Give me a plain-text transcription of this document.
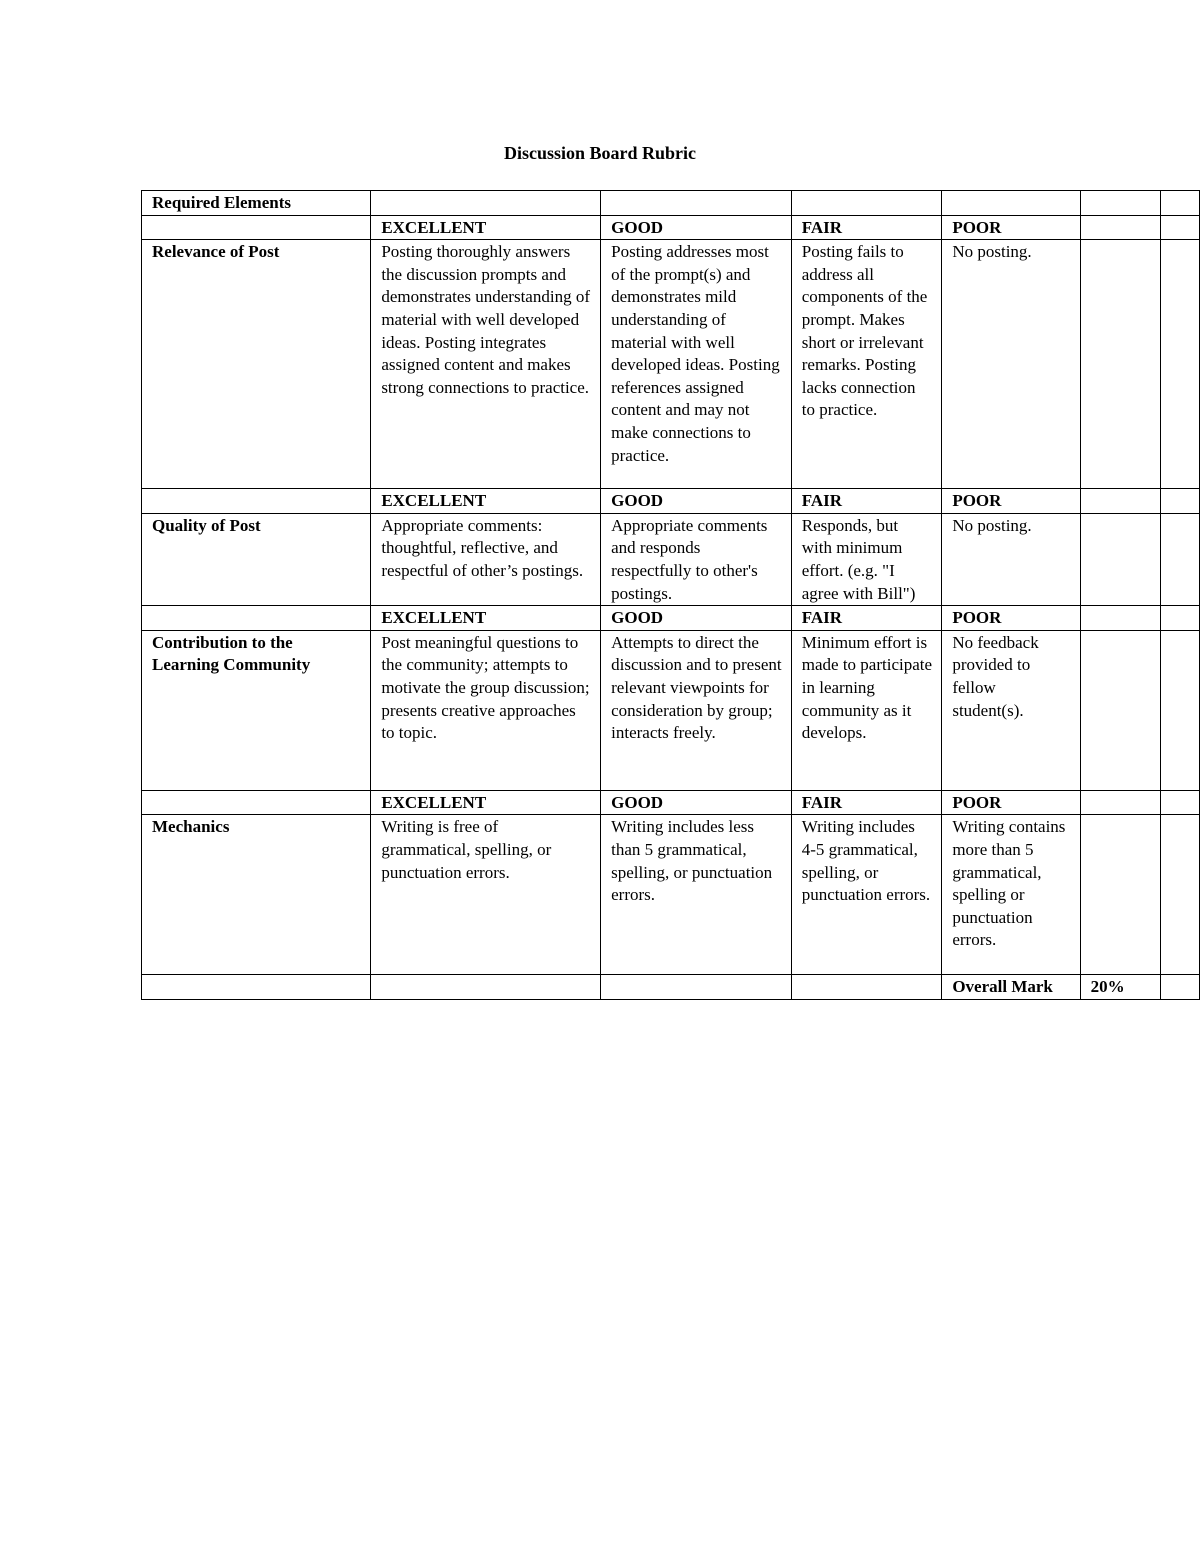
Discussion Board Rubric
Required Elements						
	EXCELLENT	GOOD	FAIR	POOR		
Relevance of Post	Posting thoroughly answers the discussion prompts and demonstrates understanding of material with well developed ideas. Posting integrates assigned content and makes strong connections to practice.	Posting addresses most of the prompt(s) and demonstrates mild understanding of material with well developed ideas. Posting references assigned content and may not make connections to practice.	Posting fails to address all components of the prompt. Makes short or irrelevant remarks. Posting lacks connection to practice.	No posting.		
	EXCELLENT	GOOD	FAIR	POOR		
Quality of Post	Appropriate comments: thoughtful, reflective, and respectful of other’s postings.	Appropriate comments and responds respectfully to other's postings.	Responds, but with minimum effort. (e.g. "I agree with Bill")	No posting.		
	EXCELLENT	GOOD	FAIR	POOR		
Contribution to the Learning Community	Post meaningful questions to the community; attempts to motivate the group discussion; presents creative approaches to topic.	Attempts to direct the discussion and to present relevant viewpoints for consideration by group; interacts freely.	Minimum effort is made to participate in learning community as it develops.	No feedback provided to fellow student(s).		
	EXCELLENT	GOOD	FAIR	POOR		
Mechanics	Writing is free of grammatical, spelling, or punctuation errors.	Writing includes less than 5 grammatical, spelling, or punctuation errors.	Writing includes 4-5 grammatical, spelling, or punctuation errors.	Writing contains more than 5 grammatical, spelling or punctuation errors.		
				Overall Mark	20%	
